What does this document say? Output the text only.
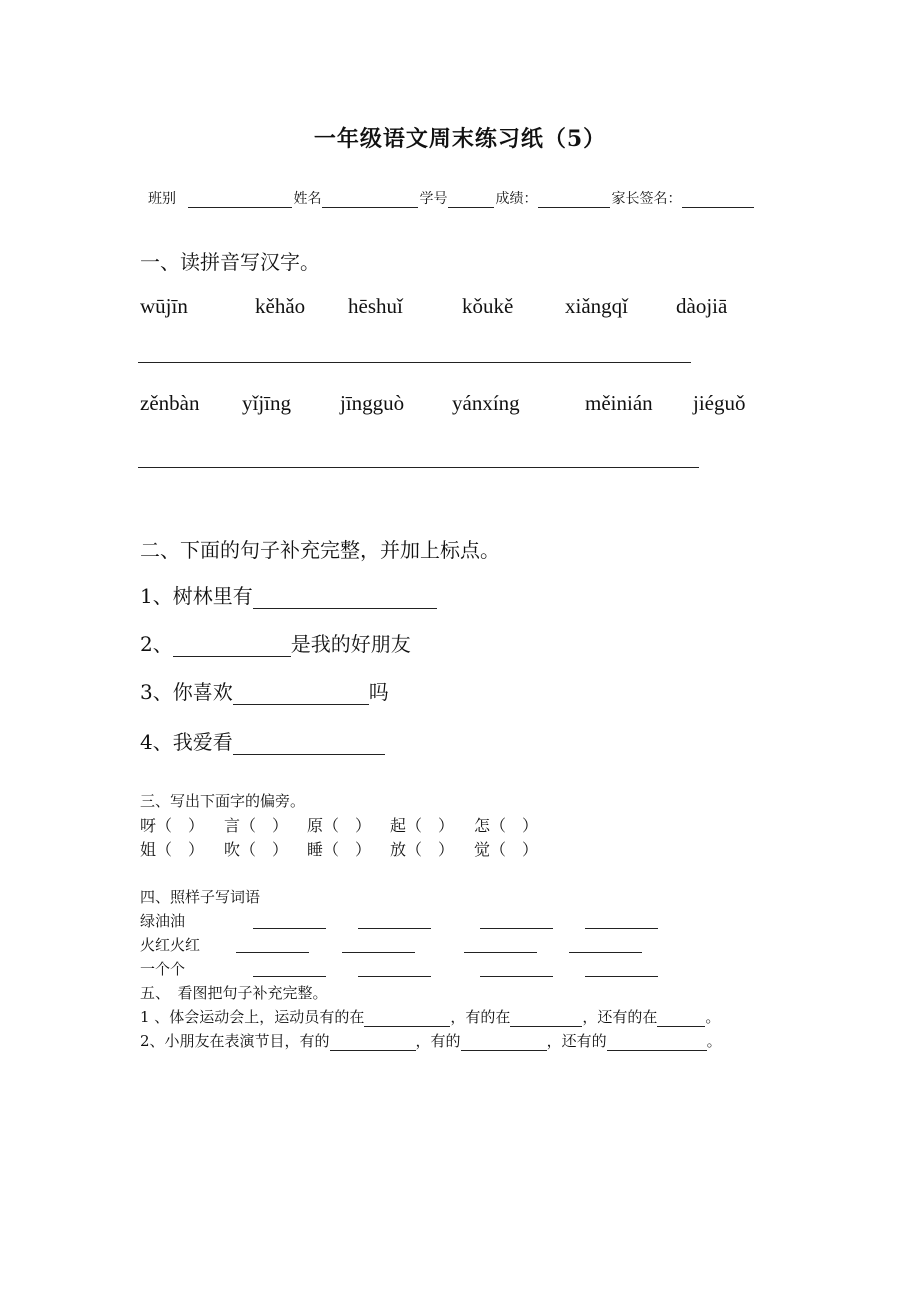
一年级语文周末练习纸（5）
班别	姓名	学号	成绩：	家长签名：
一、读拼音写汉字。
wūjīn	kěhǎo hēshuǐ	kǒukě xiǎngqǐ dàojiā
zěnbàn yǐjīng jīngguò yánxíng	měinián jiéguǒ
二、下面的句子补充完整，并加上标点。
1、树林里有
2、	是我的好朋友
3、你喜欢	吗
4、我爱看
三、写出下面字的偏旁。
呀（　） 言（　） 原（　） 起（　） 怎（　）
姐（　） 吹（　） 睡（　） 放（　） 觉（　）
四、照样子写词语
绿油油
火红火红
一个个
五、　看图把句子补充完整。
1 、体会运动会上，运动员有的在	，有的在	，还有的在	。
2、小朋友在表演节目，有的	，有的	，还有的	。
